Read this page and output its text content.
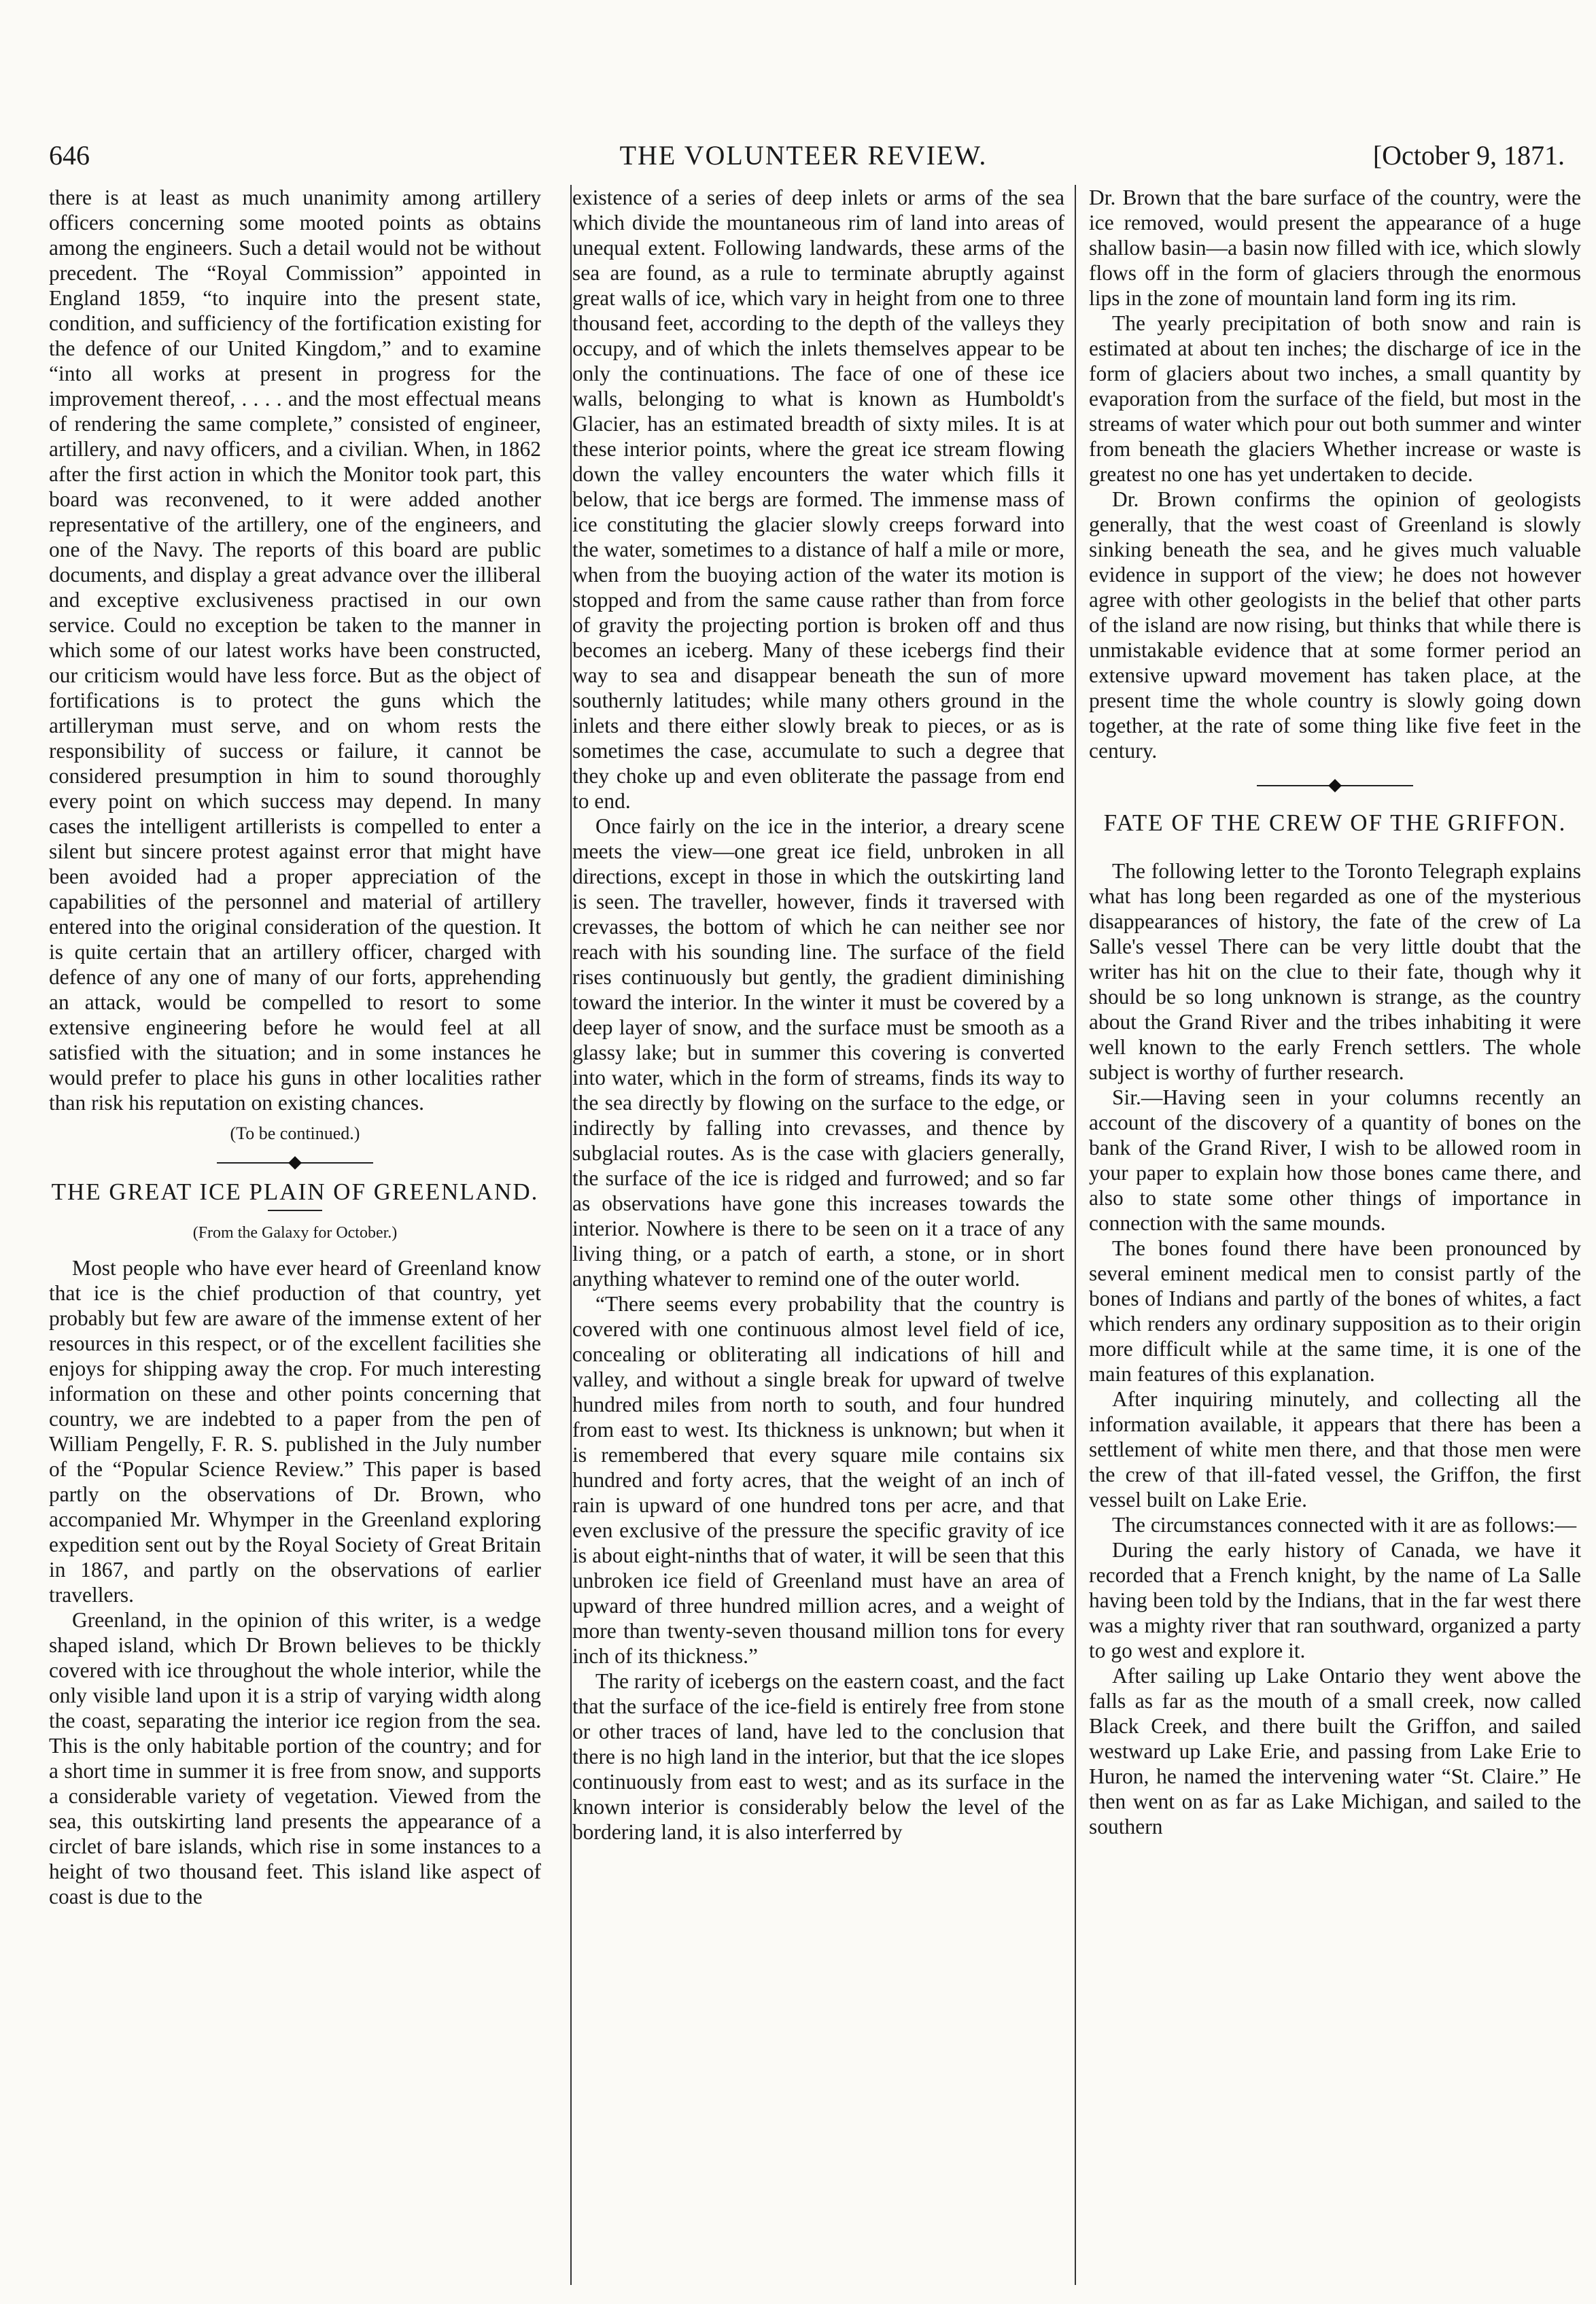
646	THE VOLUNTEER REVIEW.	[October 9, 1871.

there is at least as much unanimity among artillery officers concerning some mooted points as obtains among the engineers. Such a detail would not be without precedent. The “Royal Commission” appointed in England 1859, “to inquire into the present state, condition, and sufficiency of the fortification existing for the defence of our United Kingdom,” and to examine “into all works at present in progress for the improvement thereof, . . . . and the most effectual means of rendering the same complete,” consisted of engineer, artillery, and navy officers, and a civilian. When, in 1862 after the first action in which the Monitor took part, this board was reconvened, to it were added another representative of the artillery, one of the engineers, and one of the Navy. The reports of this board are public documents, and display a great advance over the illiberal and exceptive exclusiveness practised in our own service. Could no exception be taken to the manner in which some of our latest works have been constructed, our criticism would have less force. But as the object of fortifications is to protect the guns which the artilleryman must serve, and on whom rests the responsibility of success or failure, it cannot be considered presumption in him to sound thoroughly every point on which success may depend. In many cases the intelligent artillerists is compelled to enter a silent but sincere protest against error that might have been avoided had a proper appreciation of the capabilities of the personnel and material of artillery entered into the original consideration of the question. It is quite certain that an artillery officer, charged with defence of any one of many of our forts, apprehending an attack, would be compelled to resort to some extensive engineering before he would feel at all satisfied with the situation; and in some instances he would prefer to place his guns in other localities rather than risk his reputation on existing chances.

(To be continued.)

THE GREAT ICE PLAIN OF GREENLAND.

(From the Galaxy for October.)

Most people who have ever heard of Greenland know that ice is the chief production of that country, yet probably but few are aware of the immense extent of her resources in this respect, or of the excellent facilities she enjoys for shipping away the crop. For much interesting information on these and other points concerning that country, we are indebted to a paper from the pen of William Pengelly, F. R. S. published in the July number of the “Popular Science Review.” This paper is based partly on the observations of Dr. Brown, who accompanied Mr. Whymper in the Greenland exploring expedition sent out by the Royal Society of Great Britain in 1867, and partly on the observations of earlier travellers.

Greenland, in the opinion of this writer, is a wedge shaped island, which Dr Brown believes to be thickly covered with ice throughout the whole interior, while the only visible land upon it is a strip of varying width along the coast, separating the interior ice region from the sea. This is the only habitable portion of the country; and for a short time in summer it is free from snow, and supports a considerable variety of vegetation. Viewed from the sea, this outskirting land presents the appearance of a circlet of bare islands, which rise in some instances to a height of two thousand feet. This island like aspect of coast is due to the

existence of a series of deep inlets or arms of the sea which divide the mountaneous rim of land into areas of unequal extent. Following landwards, these arms of the sea are found, as a rule to terminate abruptly against great walls of ice, which vary in height from one to three thousand feet, according to the depth of the valleys they occupy, and of which the inlets themselves appear to be only the continuations. The face of one of these ice walls, belonging to what is known as Humboldt's Glacier, has an estimated breadth of sixty miles. It is at these interior points, where the great ice stream flowing down the valley encounters the water which fills it below, that ice bergs are formed. The immense mass of ice constituting the glacier slowly creeps forward into the water, sometimes to a distance of half a mile or more, when from the buoying action of the water its motion is stopped and from the same cause rather than from force of gravity the projecting portion is broken off and thus becomes an iceberg. Many of these icebergs find their way to sea and disappear beneath the sun of more southernly latitudes; while many others ground in the inlets and there either slowly break to pieces, or as is sometimes the case, accumulate to such a degree that they choke up and even obliterate the passage from end to end.

Once fairly on the ice in the interior, a dreary scene meets the view—one great ice field, unbroken in all directions, except in those in which the outskirting land is seen. The traveller, however, finds it traversed with crevasses, the bottom of which he can neither see nor reach with his sounding line. The surface of the field rises continuously but gently, the gradient diminishing toward the interior. In the winter it must be covered by a deep layer of snow, and the surface must be smooth as a glassy lake; but in summer this covering is converted into water, which in the form of streams, finds its way to the sea directly by flowing on the surface to the edge, or indirectly by falling into crevasses, and thence by subglacial routes. As is the case with glaciers generally, the surface of the ice is ridged and furrowed; and so far as observations have gone this increases towards the interior. Nowhere is there to be seen on it a trace of any living thing, or a patch of earth, a stone, or in short anything whatever to remind one of the outer world.

“There seems every probability that the country is covered with one continuous almost level field of ice, concealing or obliterating all indications of hill and valley, and without a single break for upward of twelve hundred miles from north to south, and four hundred from east to west. Its thickness is unknown; but when it is remembered that every square mile contains six hundred and forty acres, that the weight of an inch of rain is upward of one hundred tons per acre, and that even exclusive of the pressure the specific gravity of ice is about eight-ninths that of water, it will be seen that this unbroken ice field of Greenland must have an area of upward of three hundred million acres, and a weight of more than twenty-seven thousand million tons for every inch of its thickness.”

The rarity of icebergs on the eastern coast, and the fact that the surface of the ice-field is entirely free from stone or other traces of land, have led to the conclusion that there is no high land in the interior, but that the ice slopes continuously from east to west; and as its surface in the known interior is considerably below the level of the bordering land, it is also interferred by

Dr. Brown that the bare surface of the country, were the ice removed, would present the appearance of a huge shallow basin—a basin now filled with ice, which slowly flows off in the form of glaciers through the enormous lips in the zone of mountain land form ing its rim.

The yearly precipitation of both snow and rain is estimated at about ten inches; the discharge of ice in the form of glaciers about two inches, a small quantity by evaporation from the surface of the field, but most in the streams of water which pour out both summer and winter from beneath the glaciers Whether increase or waste is greatest no one has yet undertaken to decide.

Dr. Brown confirms the opinion of geologists generally, that the west coast of Greenland is slowly sinking beneath the sea, and he gives much valuable evidence in support of the view; he does not however agree with other geologists in the belief that other parts of the island are now rising, but thinks that while there is unmistakable evidence that at some former period an extensive upward movement has taken place, at the present time the whole country is slowly going down together, at the rate of some thing like five feet in the century.

FATE OF THE CREW OF THE GRIFFON.

The following letter to the Toronto Telegraph explains what has long been regarded as one of the mysterious disappearances of history, the fate of the crew of La Salle's vessel There can be very little doubt that the writer has hit on the clue to their fate, though why it should be so long unknown is strange, as the country about the Grand River and the tribes inhabiting it were well known to the early French settlers. The whole subject is worthy of further research.

Sir.—Having seen in your columns recently an account of the discovery of a quantity of bones on the bank of the Grand River, I wish to be allowed room in your paper to explain how those bones came there, and also to state some other things of importance in connection with the same mounds.

The bones found there have been pronounced by several eminent medical men to consist partly of the bones of Indians and partly of the bones of whites, a fact which renders any ordinary supposition as to their origin more difficult while at the same time, it is one of the main features of this explanation.

After inquiring minutely, and collecting all the information available, it appears that there has been a settlement of white men there, and that those men were the crew of that ill-fated vessel, the Griffon, the first vessel built on Lake Erie.

The circumstances connected with it are as follows:—

During the early history of Canada, we have it recorded that a French knight, by the name of La Salle having been told by the Indians, that in the far west there was a mighty river that ran southward, organized a party to go west and explore it.

After sailing up Lake Ontario they went above the falls as far as the mouth of a small creek, now called Black Creek, and there built the Griffon, and sailed westward up Lake Erie, and passing from Lake Erie to Huron, he named the intervening water “St. Claire.” He then went on as far as Lake Michigan, and sailed to the southern
